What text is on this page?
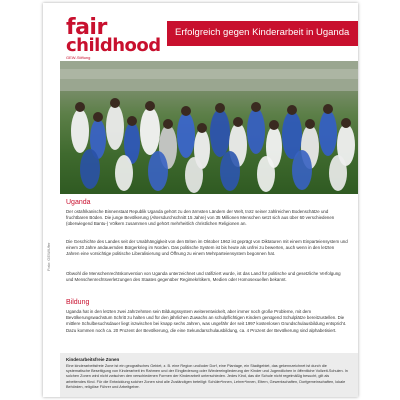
fair
childhood
GEW-Stiftung
Erfolgreich gegen Kinderarbeit in Uganda
Foto: GEW/Ufer
Uganda

Der ostafrikanische Binnenstaat Republik Uganda gehört zu den ärmsten Ländern der Welt, trotz seiner zahlreichen Bodenschätze und fruchtbaren Böden. Die junge Bevölkerung (Altersdurchschnitt 15 Jahre) von 35 Millionen Menschen setzt sich aus über 60 verschiedenen (überwiegend Bantu-) Völkern zusammen und gehört mehrheitlich christlichen Religionen an.

Die Geschichte des Landes seit der Unabhängigkeit von den Briten im Oktober 1962 ist geprägt von Diktaturen mit einem Einparteiensystem und einem 20 Jahre andauernden Bürgerkrieg im Norden. Das politische System ist bis heute als unfrei zu bewerten, auch wenn in den letzten Jahren eine vorsichtige politische Liberalisierung und Öffnung zu einem Mehrparteiensystem begonnen hat.

Obwohl die Menschenrechtskonvention von Uganda unterzeichnet und ratifiziert wurde, ist das Land für politische und gesetzliche Verfolgung und Menschenrechtsverletzungen des Staates gegenüber Regimekritikern, Medien oder Homosexuellen bekannt.

Bildung

Uganda hat in den letzten zwei Jahrzehnten sein Bildungssystem weiterentwickelt, aber immer noch große Probleme, mit dem Bevölkerungswachstum Schritt zu halten und für den jährlichen Zuwachs an schulpflichtigen Kindern genügend Schulplätze bereitzustellen. Die mittlere Schulbesuchsdauer liegt inzwischen bei knapp sechs Jahren, was ungefähr der seit 1997 kostenlosen Grundschulausbildung entspricht. Dazu kommen noch ca. 20 Prozent der Bevölkerung, die eine Sekundarschulausbildung, ca. 4 Prozent der Bevölkerung sind alphabetisiert.

Kinderarbeitsfreie Zonen

Eine kinderarbeitsfreie Zone ist ein geografisches Gebiet, z. B. eine Region und/oder Dorf, eine Plantage, ein Stadtgebiet, das gekennzeichnet ist durch die systematische Beseitigung von Kinderarbeit im Rahmen und der Eingliederung oder Wiedereingliederung der Kinder und Jugendlichen in öffentliche Vollzeit-Schulen. In solchen Zonen wird nicht zwischen den verschiedenen Formen der Kinderarbeit unterschieden. Jedes Kind, das die Schule nicht regelmäßig besucht, gilt als arbeitendes Kind. Für die Entwicklung solcher Zonen sind alle Zuständigen beteiligt: Schüler*innen, Lehrer*innen, Eltern, Gewerkschaften, Dorfgemeinschaften, lokale Behörden, religiöse Führer und Arbeitgeber.
